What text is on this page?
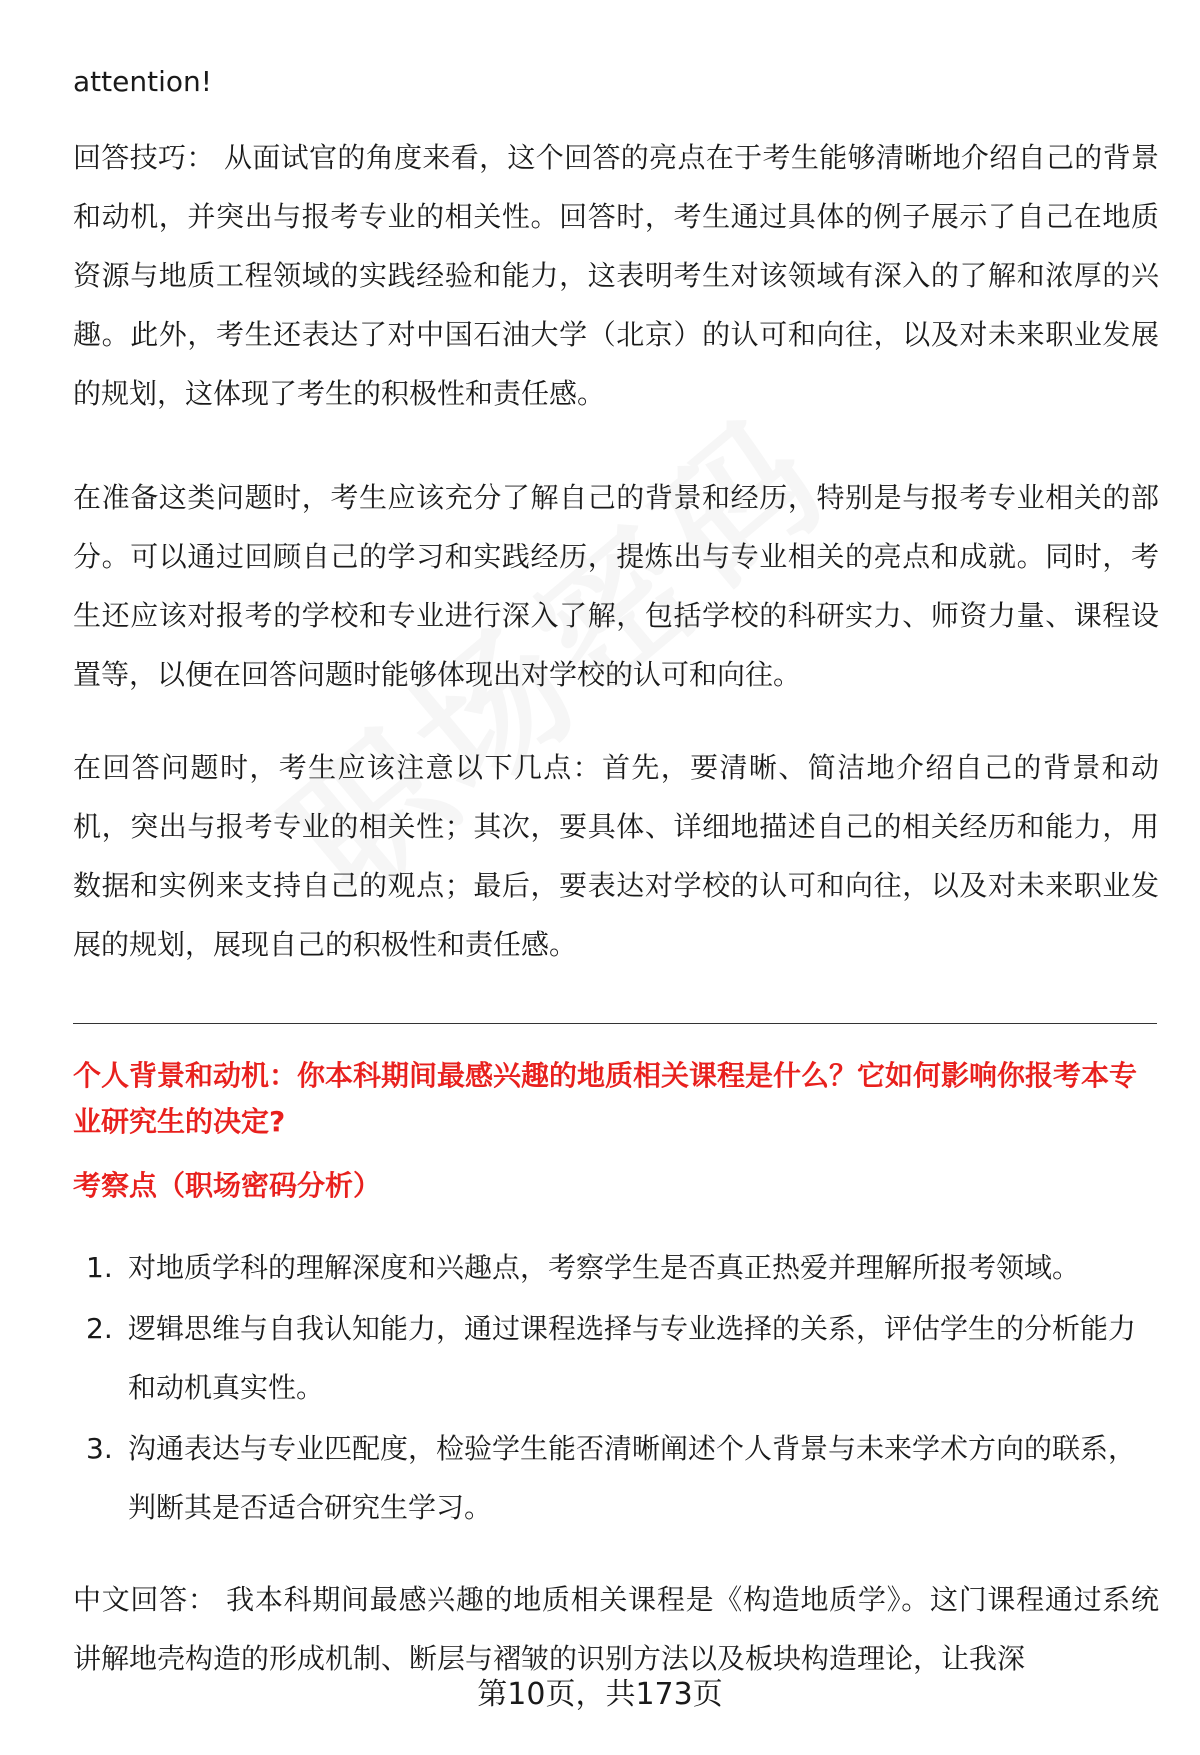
attention!

回答技巧： 从面试官的角度来看，这个回答的亮点在于考生能够清晰地介绍自己的背景和动机，并突出与报考专业的相关性。回答时，考生通过具体的例子展示了自己在地质资源与地质工程领域的实践经验和能力，这表明考生对该领域有深入的了解和浓厚的兴趣。此外，考生还表达了对中国石油大学（北京）的认可和向往，以及对未来职业发展的规划，这体现了考生的积极性和责任感。

在准备这类问题时，考生应该充分了解自己的背景和经历，特别是与报考专业相关的部分。可以通过回顾自己的学习和实践经历，提炼出与专业相关的亮点和成就。同时，考生还应该对报考的学校和专业进行深入了解，包括学校的科研实力、师资力量、课程设置等，以便在回答问题时能够体现出对学校的认可和向往。

在回答问题时，考生应该注意以下几点：首先，要清晰、简洁地介绍自己的背景和动机，突出与报考专业的相关性；其次，要具体、详细地描述自己的相关经历和能力，用数据和实例来支持自己的观点；最后，要表达对学校的认可和向往，以及对未来职业发展的规划，展现自己的积极性和责任感。

个人背景和动机：你本科期间最感兴趣的地质相关课程是什么？它如何影响你报考本专业研究生的决定?

考察点（职场密码分析）

1. 对地质学科的理解深度和兴趣点，考察学生是否真正热爱并理解所报考领域。
2. 逻辑思维与自我认知能力，通过课程选择与专业选择的关系，评估学生的分析能力和动机真实性。
3. 沟通表达与专业匹配度，检验学生能否清晰阐述个人背景与未来学术方向的联系，判断其是否适合研究生学习。

中文回答： 我本科期间最感兴趣的地质相关课程是《构造地质学》。这门课程通过系统讲解地壳构造的形成机制、断层与褶皱的识别方法以及板块构造理论，让我深

第10页，共173页
